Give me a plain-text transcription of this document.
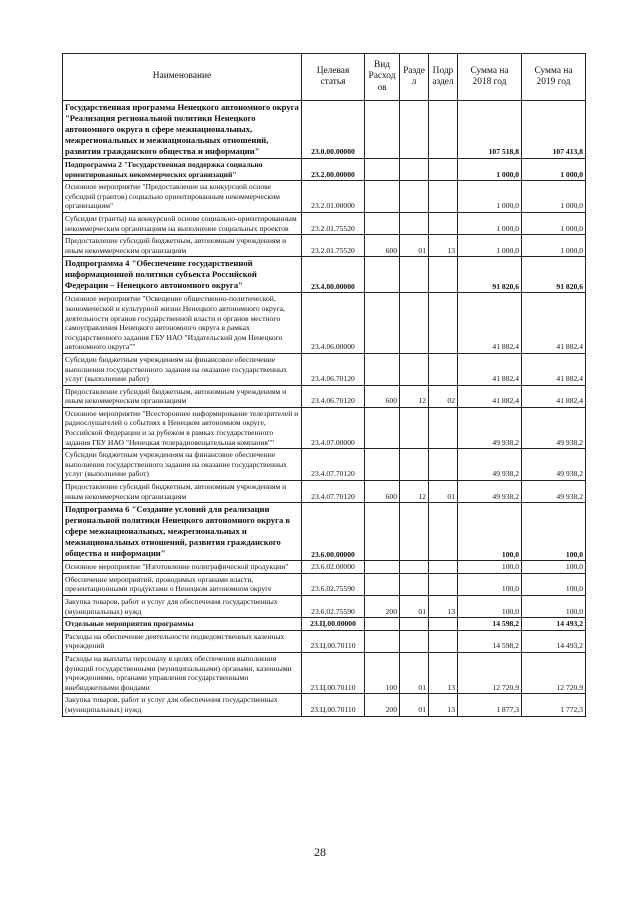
Наименование	Целевая статья	Вид Расход ов	Разде л	Подр аздел	Сумма на 2018 год	Сумма на 2019 год
Государственная программа Ненецкого автономного округа "Реализация региональной политики Ненецкого автономного округа в сфере межнациональных, межрегиональных и межнациональных отношений, развития гражданского общества и информации"	23.0.00.00000				107 518,8	107 413,8
Подпрограмма 2 "Государственная поддержка социально ориентированных некоммерческих организаций"	23.2.00.00000				1 000,0	1 000,0
Основное мероприятие "Предоставление на конкурсной основе субсидий (грантов) социально ориентированным некоммерческим организациям"	23.2.01.00000				1 000,0	1 000,0
Субсидии (гранты) на конкурсной основе социально-ориентированным некоммерческим организациям на выполнение социальных проектов	23.2.01.75520				1 000,0	1 000,0
Предоставление субсидий бюджетным, автономным учреждениям и иным некоммерческим организациям	23.2.01.75520	600	01	13	1 000,0	1 000,0
Подпрограмма 4 "Обеспечение государственной информационной политики субъекта Российской Федерации – Ненецкого автономного округа"	23.4.00.00000				91 820,6	91 820,6
Основное мероприятие "Освещение общественно-политической, экономической и культурной жизни Ненецкого автономного округа, деятельности органов государственной власти и органов местного самоуправления Ненецкого автономного округа в рамках государственного задания ГБУ НАО "Издательский дом Ненецкого автономного округа""	23.4.06.00000				41 882,4	41 882,4
Субсидии бюджетным учреждениям на финансовое обеспечение выполнения государственного задания на оказание государственных услуг (выполнение работ)	23.4.06.70120				41 882,4	41 882,4
Предоставление субсидий бюджетным, автономным учреждениям и иным некоммерческим организациям	23.4.06.70120	600	12	02	41 882,4	41 882,4
Основное мероприятие "Всестороннее информирование телезрителей и радиослушателей о событиях в Ненецком автономном округе, Российской Федерации и за рубежом в рамках государственного задания ГБУ НАО "Ненецкая телерадиовещательная компания""	23.4.07.00000				49 938,2	49 938,2
Субсидии бюджетным учреждениям на финансовое обеспечение выполнения государственного задания на оказание государственных услуг (выполнение работ)	23.4.07.70120				49 938,2	49 938,2
Предоставление субсидий бюджетным, автономным учреждениям и иным некоммерческим организациям	23.4.07.70120	600	12	01	49 938,2	49 938,2
Подпрограмма 6 "Создание условий для реализации региональной политики Ненецкого автономного округа в сфере межнациональных, межрегиональных и межнациональных отношений, развития гражданского общества и информации"	23.6.00.00000				100,0	100,0
Основное мероприятие "Изготовление полиграфической продукции"	23.6.02.00000				100,0	100,0
Обеспечение мероприятий, проводимых органами власти, презентационными продуктами о Ненецком автономном округе	23.6.02.75590				100,0	100,0
Закупка товаров, работ и услуг для обеспечения государственных (муниципальных) нужд	23.6.02.75590	200	01	13	100,0	100,0
Отдельные мероприятия программы	23.Ц.00.00000				14 598,2	14 493,2
Расходы на обеспечение деятельности подведомственных казенных учреждений	23.Ц.00.70110				14 598,2	14 493,2
Расходы на выплаты персоналу в целях обеспечения выполнения функций государственными (муниципальными) органами, казенными учреждениями, органами управления государственными внебюджетными фондами	23.Ц.00.70110	100	01	13	12 720,9	12 720,9
Закупка товаров, работ и услуг для обеспечения государственных (муниципальных) нужд	23.Ц.00.70110	200	01	13	1 877,3	1 772,3
28
